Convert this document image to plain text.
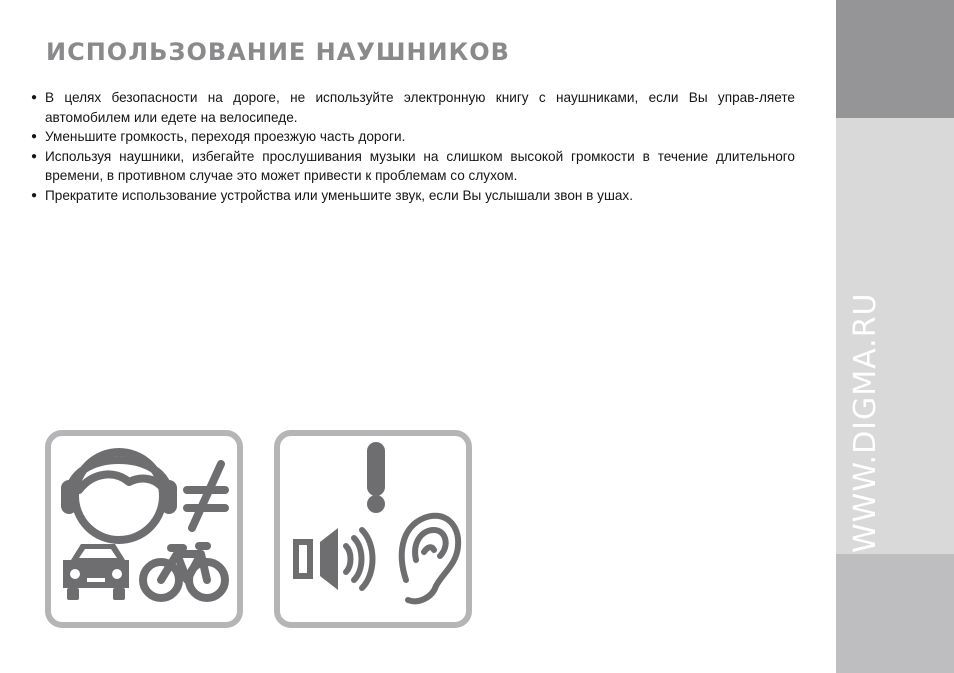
ИСПОЛЬЗОВАНИЕ НАУШНИКОВ
● В целях безопасности на дороге, не используйте электронную книгу с наушниками, если Вы управ-ляете автомобилем или едете на велосипеде.
● Уменьшите громкость, переходя проезжую часть дороги.
● Используя наушники, избегайте прослушивания музыки на слишком высокой громкости в течение длительного времени, в противном случае это может привести к проблемам со слухом.
● Прекратите использование устройства или уменьшите звук, если Вы услышали звон в ушах.
WWW.DIGMA.RU
